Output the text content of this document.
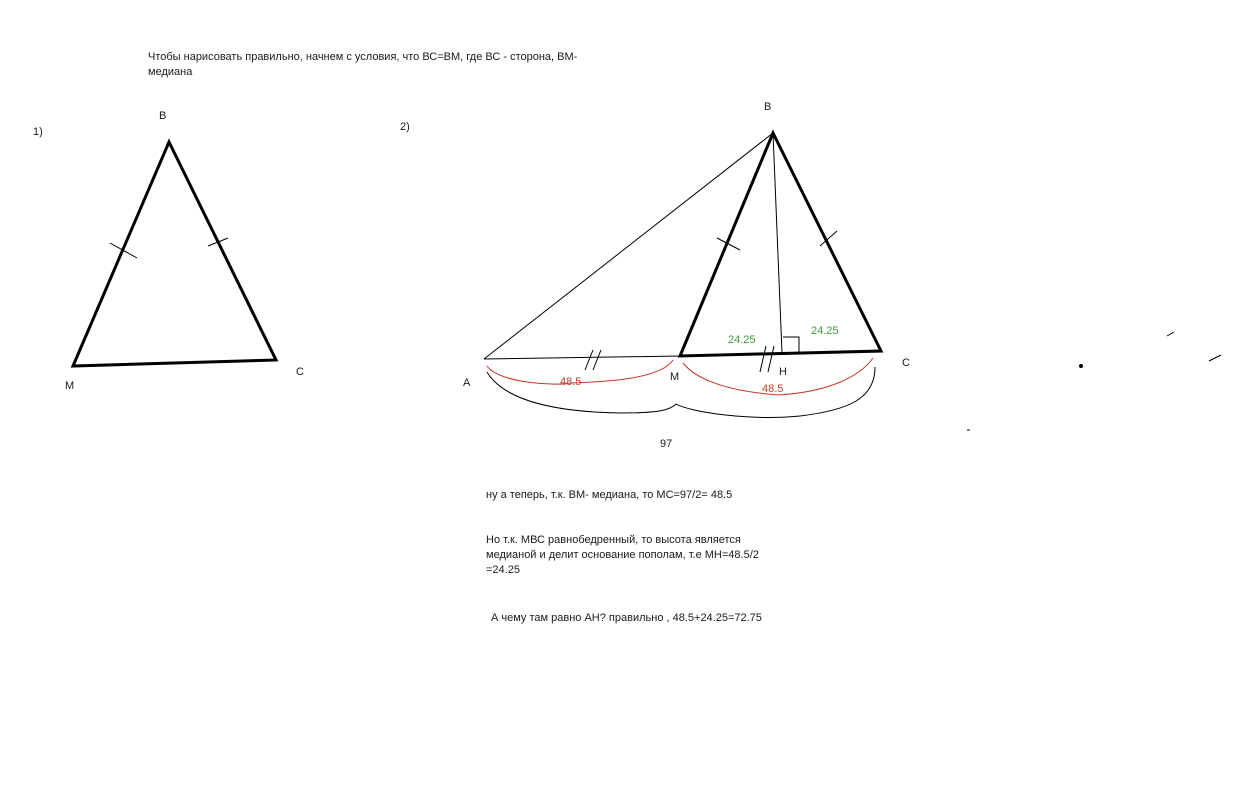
Чтобы нарисовать правильно, начнем с условия, что ВС=ВМ, где ВС - сторона, ВМ-
медиана
1)
B
M
C
2)
B
A	M	H
C
24.25
24.25
48.5
48.5
97
ну а теперь, т.к. ВМ- медиана, то МС=97/2= 48.5
Но т.к. МВС равнобедренный, то высота является
медианой и делит основание пополам, т.е МН=48.5/2
=24.25
А чему там равно АН? правильно , 48.5+24.25=72.75
